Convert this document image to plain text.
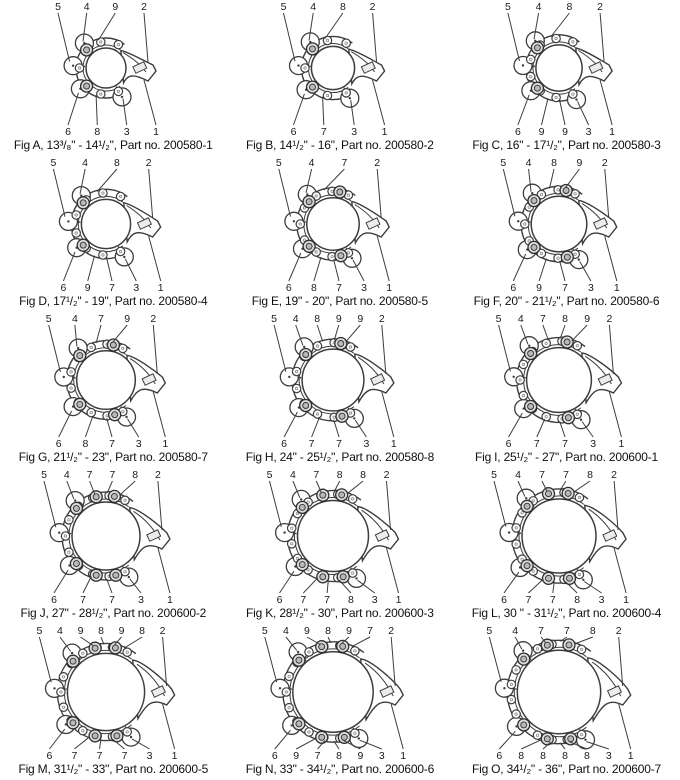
5 4 9 2
6 8 3 1
Fig A, 13³/₈" - 14¹/₂", Part no. 200580-1
5 4 8 2
6 7 3 1
Fig B, 14¹/₂" - 16", Part no. 200580-2
5 4 8 2
6 9 9 3 1
Fig C, 16" - 17¹/₂", Part no. 200580-3
5 4 8 2
6 9 7 3 1
Fig D, 17¹/₂" - 19", Part no. 200580-4
5	4	7	2
6 8 7 3 1
Fig E, 19" - 20", Part no. 200580-5
5 4 8 9 2
6 9 7 3 1
Fig F, 20" - 21¹/₂", Part no. 200580-6
5 4 7 9 2
6 8 7 3 1
Fig G, 21¹/₂" - 23", Part no. 200580-7
5 4 8 9 9 2
6 7 7 3 1
Fig H, 24" - 25¹/₂", Part no. 200580-8
5 4 7 8 9 2
6 7 7 3 1
Fig I, 25¹/₂" - 27", Part no. 200600-1
5 4 7 7 8 2
6 7 7 3 1
Fig J, 27" - 28¹/₂", Part no. 200600-2
5 4 7 8 8 2
6 7 7 8 3 1
Fig K, 28¹/₂" - 30", Part no. 200600-3
5 4 7 7 8 2
6 7 7 8 3 1
Fig L, 30 " - 31¹/₂", Part no. 200600-4
5 4 9 8 9 8 2
6 7 7 7 3 1
Fig M, 31¹/₂" - 33", Part no. 200600-5
5 4 9 8 9 7 2
6 9 7 8 9 3 1
Fig N, 33" - 34¹/₂", Part no. 200600-6
5 4 7 7 8 2
6 8 8 8 8 3 1
Fig O, 34¹/₂" - 36", Part no. 200600-7
